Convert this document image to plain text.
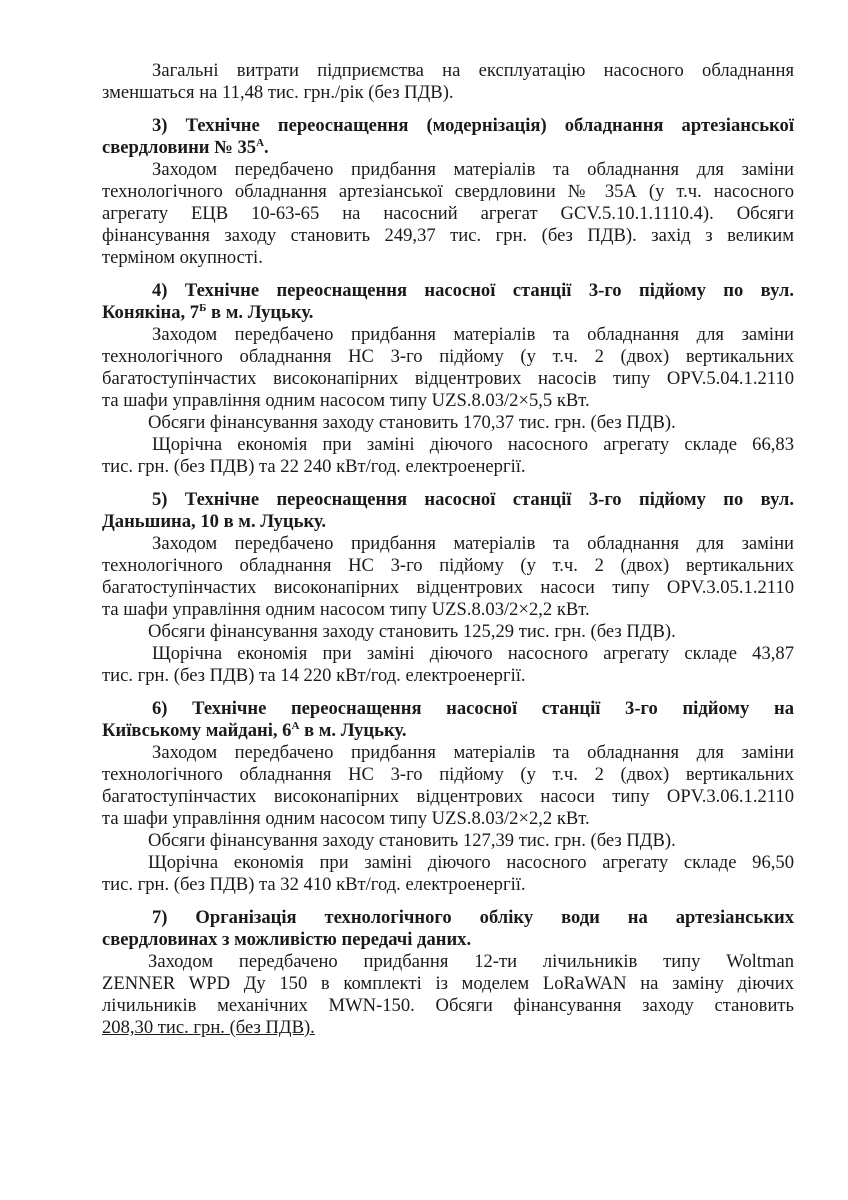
Загальні витрати підприємства на експлуатацію насосного обладнання
зменшаться на 11,48 тис. грн./рік (без ПДВ).
3) Технічне переоснащення (модернізація) обладнання артезіанської
свердловини № $35^А$.
Заходом передбачено придбання матеріалів та обладнання для заміни
технологічного обладнання артезіанської свердловини № 35А (у т.ч. насосного
агрегату ЕЦВ 10-63-65 на насосний агрегат GCV.5.10.1.1110.4). Обсяги
фінансування заходу становить 249,37 тис. грн. (без ПДВ). захід з великим
терміном окупності.
4) Технічне переоснащення насосної станції 3-го підйому по вул.
Конякіна, $7^Б$ в м. Луцьку.
Заходом передбачено придбання матеріалів та обладнання для заміни
технологічного обладнання НС 3-го підйому (у т.ч. 2 (двох) вертикальних
багатоступінчастих високонапірних відцентрових насосів типу OPV.5.04.1.2110
та шафи управління одним насосом типу UZS.8.03/2×5,5 кВт.
Обсяги фінансування заходу становить 170,37 тис. грн. (без ПДВ).
Щорічна економія при заміні діючого насосного агрегату складе 66,83
тис. грн. (без ПДВ) та 22 240 кВт/год. електроенергії.
5) Технічне переоснащення насосної станції 3-го підйому по вул.
Даньшина, 10 в м. Луцьку.
Заходом передбачено придбання матеріалів та обладнання для заміни
технологічного обладнання НС 3-го підйому (у т.ч. 2 (двох) вертикальних
багатоступінчастих високонапірних відцентрових насоси типу OPV.3.05.1.2110
та шафи управління одним насосом типу UZS.8.03/2×2,2 кВт.
Обсяги фінансування заходу становить 125,29 тис. грн. (без ПДВ).
Щорічна економія при заміні діючого насосного агрегату складе 43,87
тис. грн. (без ПДВ) та 14 220 кВт/год. електроенергії.
6) Технічне переоснащення насосної станції 3-го підйому на
Київському майдані, $6^А$ в м. Луцьку.
Заходом передбачено придбання матеріалів та обладнання для заміни
технологічного обладнання НС 3-го підйому (у т.ч. 2 (двох) вертикальних
багатоступінчастих високонапірних відцентрових насоси типу OPV.3.06.1.2110
та шафи управління одним насосом типу UZS.8.03/2×2,2 кВт.
Обсяги фінансування заходу становить 127,39 тис. грн. (без ПДВ).
Щорічна економія при заміні діючого насосного агрегату складе 96,50
тис. грн. (без ПДВ) та 32 410 кВт/год. електроенергії.
7) Організація технологічного обліку води на артезіанських
свердловинах з можливістю передачі даних.
Заходом передбачено придбання 12-ти лічильників типу Woltman
ZENNER WPD Ду 150 в комплекті із моделем LoRaWAN на заміну діючих
лічильників механічних MWN-150. Обсяги фінансування заходу становить
208,30 тис. грн. (без ПДВ).
